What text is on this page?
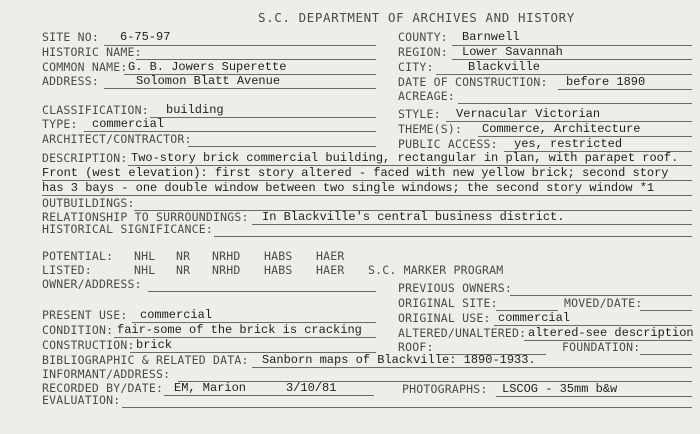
S.C. DEPARTMENT OF ARCHIVES AND HISTORY
SITE NO: 6-75-97
HISTORIC NAME:
COMMON NAME: G. B. Jowers Superette
ADDRESS:	Solomon Blatt Avenue
COUNTY: Barnwell
REGION: Lower Savannah
CITY:	Blackville
DATE OF CONSTRUCTION: before 1890
ACREAGE:
CLASSIFICATION: building
TYPE: commercial
ARCHITECT/CONTRACTOR:
STYLE: Vernacular Victorian
THEME(S): Commerce, Architecture
PUBLIC ACCESS: yes, restricted
DESCRIPTION: Two-story brick commercial building, rectangular in plan, with parapet roof.
Front (west elevation): first story altered - faced with new yellow brick; second story
has 3 bays - one double window between two single windows; the second story window *1
OUTBUILDINGS:
RELATIONSHIP TO SURROUNDINGS: In Blackville's central business district.
HISTORICAL SIGNIFICANCE:
POTENTIAL: NHL NR NRHD HABS HAER
LISTED:	NHL NR NRHD HABS HAER S.C. MARKER PROGRAM
OWNER/ADDRESS:	PREVIOUS OWNERS:
ORIGINAL SITE:	MOVED/DATE:
PRESENT USE: commercial	ORIGINAL USE: commercial
CONDITION: fair-some of the brick is cracking	ALTERED/UNALTERED: altered-see description
CONSTRUCTION: brick	ROOF:	FOUNDATION:
BIBLIOGRAPHIC & RELATED DATA: Sanborn maps of Blackville: 1890-1933.
INFORMANT/ADDRESS:
RECORDED BY/DATE: EM, Marion	3/10/81	PHOTOGRAPHS: LSCOG - 35mm b&w
EVALUATION:
